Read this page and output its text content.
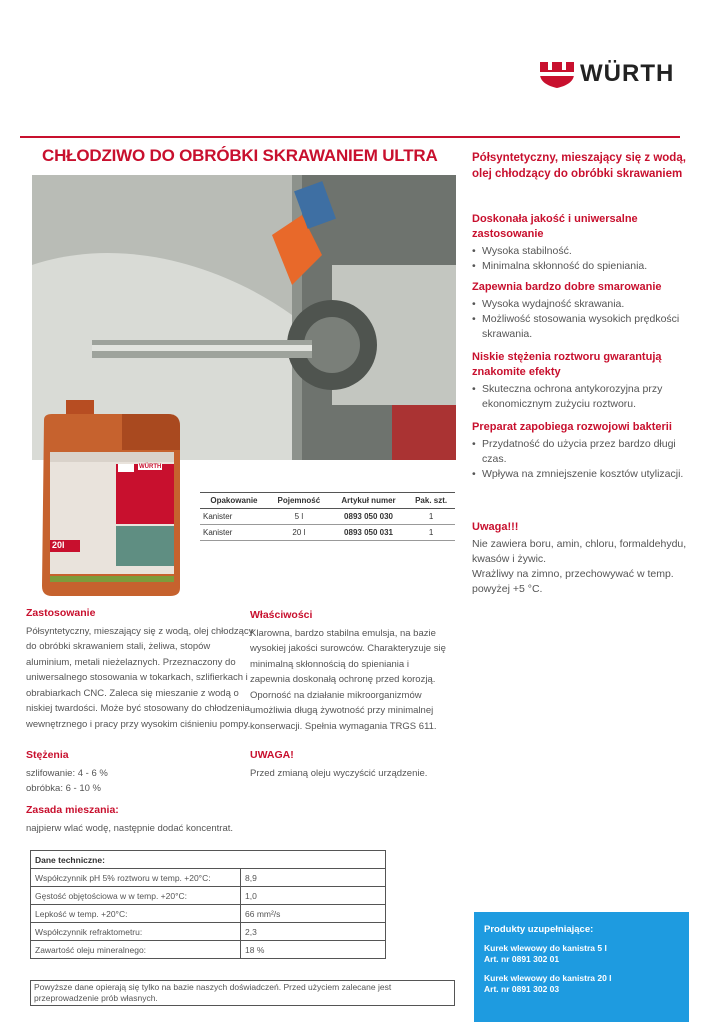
WÜRTH
CHŁODZIWO DO OBRÓBKI SKRAWANIEM ULTRA
WÜRTH
20l
Opakowanie	Pojemność	Artykuł numer	Pak. szt.
Kanister	5 l	0893 050 030	1
Kanister	20 l	0893 050 031	1

Półsyntetyczny, mieszający się z wodą, olej chłodzący do obróbki skrawaniem

Doskonała jakość i uniwersalne zastosowanie
• Wysoka stabilność.
• Minimalna skłonność do spieniania.
Zapewnia bardzo dobre smarowanie
• Wysoka wydajność skrawania.
• Możliwość stosowania wysokich prędkości skrawania.
Niskie stężenia roztworu gwarantują znakomite efekty
• Skuteczna ochrona antykorozyjna przy ekonomicznym zużyciu roztworu.
Preparat zapobiega rozwojowi bakterii
• Przydatność do użycia przez bardzo długi czas.
• Wpływa na zmniejszenie kosztów utylizacji.
Uwaga!!!

Nie zawiera boru, amin, chloru, formaldehydu, kwasów i żywic.

Wrażliwy na zimno, przechowywać w temp. powyżej +5 °C.

Zastosowanie

Półsyntetyczny, mieszający się z wodą, olej chłodzący do obróbki skrawaniem stali, żeliwa, stopów aluminium, metali nieżelaznych. Przeznaczony do uniwersalnego stosowania w tokarkach, szlifierkach i obrabiarkach CNC. Zaleca się mieszanie z wodą o niskiej twardości. Może być stosowany do chłodzenia wewnętrznego i pracy przy wysokim ciśnieniu pompy.

Stężenia

szlifowanie: 4 - 6 %

obróbka: 6 - 10 %

Zasada mieszania:

najpierw wlać wodę, następnie dodać koncentrat.

Właściwości

Klarowna, bardzo stabilna emulsja, na bazie wysokiej jakości surowców. Charakteryzuje się minimalną skłonnością do spieniania i zapewnia doskonałą ochronę przed korozją. Oporność na działanie mikroorganizmów umożliwia długą żywotność przy minimalnej konserwacji. Spełnia wymagania TRGS 611.

UWAGA!

Przed zmianą oleju wyczyścić urządzenie.

Dane techniczne:	
Współczynnik pH 5% roztworu w temp. +20°C:	8,9
Gęstość objętościowa w w temp. +20°C:	1,0
Lepkość w temp. +20°C:	66 mm²/s
Współczynnik refraktometru:	2,3
Zawartość oleju mineralnego:	18 %
Powyższe dane opierają się tylko na bazie naszych doświadczeń. Przed użyciem zalecane jest przeprowadzenie prób własnych.
Produkty uzupełniające:

Kurek wlewowy do kanistra 5 l
Art. nr 0891 302 01

Kurek wlewowy do kanistra 20 l
Art. nr 0891 302 03
